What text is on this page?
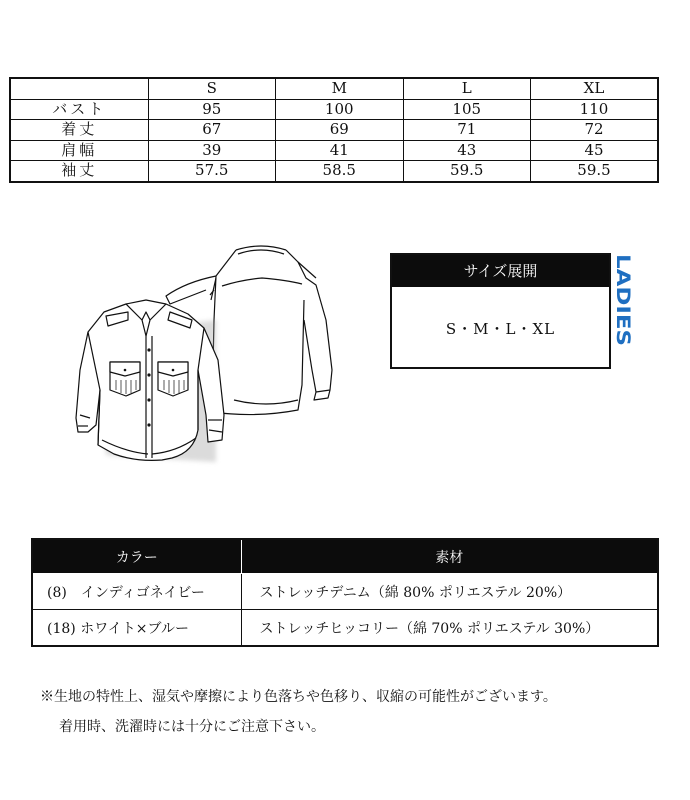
	S	M	L	XL
バスト	95	100	105	110
着丈	67	69	71	72
肩幅	39	41	43	45
袖丈	57.5	58.5	59.5	59.5
サイズ展開
S・M・L・XL	LADIES
カラー	素材
(8)　インディゴネイビー	ストレッチデニム（綿 80% ポリエステル 20%）
(18) ホワイト×ブルー	ストレッチヒッコリー（綿 70% ポリエステル 30%）

※生地の特性上、湿気や摩擦により色落ちや色移り、収縮の可能性がございます。

着用時、洗濯時には十分にご注意下さい。
